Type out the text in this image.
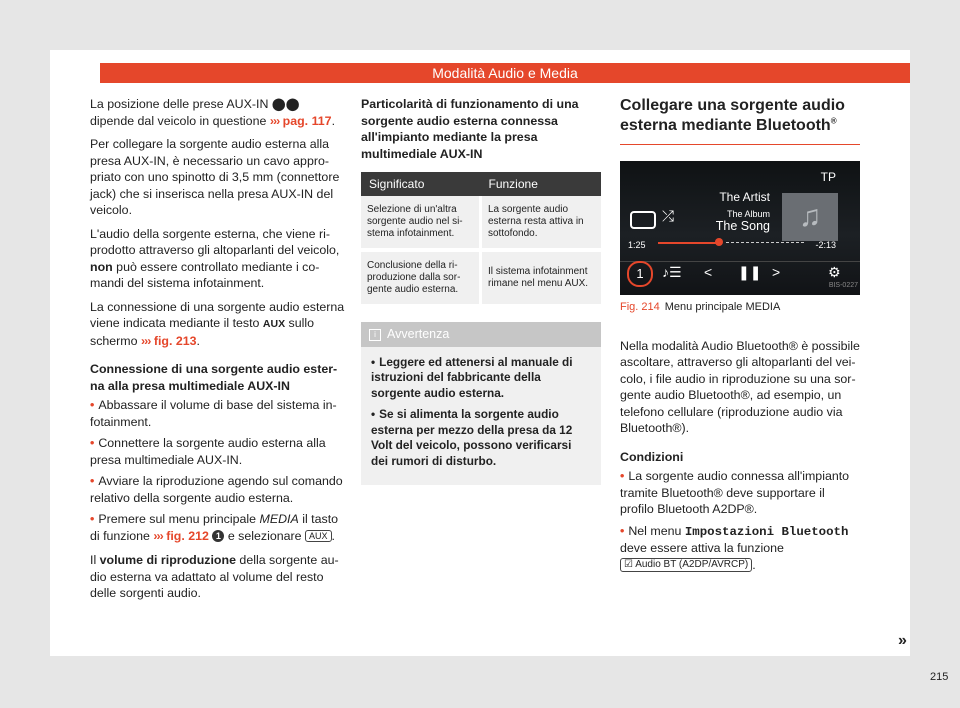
Modalità Audio e Media

La posizione delle prese AUX-IN ⬤⬤ dipende dal veicolo in questione ››› pag. 117.

Per collegare la sorgente audio esterna alla presa AUX-IN, è necessario un cavo appropriato con uno spinotto di 3,5 mm (connettore jack) che si inserisca nella presa AUX-IN del veicolo.

L'audio della sorgente esterna, che viene riprodotto attraverso gli altoparlanti del veicolo, non può essere controllato mediante i comandi del sistema infotainment.

La connessione di una sorgente audio esterna viene indicata mediante il testo AUX sullo schermo ››› fig. 213.

Connessione di una sorgente audio esterna alla presa multimediale AUX-IN
• Abbassare il volume di base del sistema infotainment.
• Connettere la sorgente audio esterna alla presa multimediale AUX-IN.
• Avviare la riproduzione agendo sul comando relativo della sorgente audio esterna.
• Premere sul menu principale MEDIA il tasto di funzione ››› fig. 212 1 e selezionare AUX .

Il volume di riproduzione della sorgente audio esterna va adattato al volume del resto delle sorgenti audio.

Particolarità di funzionamento di una sorgente audio esterna connessa all'impianto mediante la presa multimediale AUX-IN
Significato	Funzione
Selezione di un'altra sorgente audio nel sistema infotainment.	La sorgente audio esterna resta attiva in sottofondo.
Conclusione della riproduzione dalla sorgente audio esterna.	Il sistema infotainment rimane nel menu AUX.
i Avvertenza
• Leggere ed attenersi al manuale di istruzioni del fabbricante della sorgente audio esterna.
• Se si alimenta la sorgente audio esterna per mezzo della presa da 12 Volt del veicolo, possono verificarsi dei rumori di disturbo.
Collegare una sorgente audio esterna mediante Bluetooth®
TP
The Artist
The Album
The Song ♫
⤮
1:25	-2:13
♪☰ < ❚❚ >	⚙
1
BIS-0227
Fig. 214 Menu principale MEDIA

Nella modalità Audio Bluetooth® è possibile ascoltare, attraverso gli altoparlanti del veicolo, i file audio in riproduzione su una sorgente audio Bluetooth®, ad esempio, un telefono cellulare (riproduzione audio via Bluetooth®).

Condizioni
• La sorgente audio connessa all'impianto tramite Bluetooth® deve supportare il profilo Bluetooth A2DP®.
• Nel menu Impostazioni Bluetooth deve essere attiva la funzione ☑ Audio BT (A2DP/AVRCP) .
»
215
